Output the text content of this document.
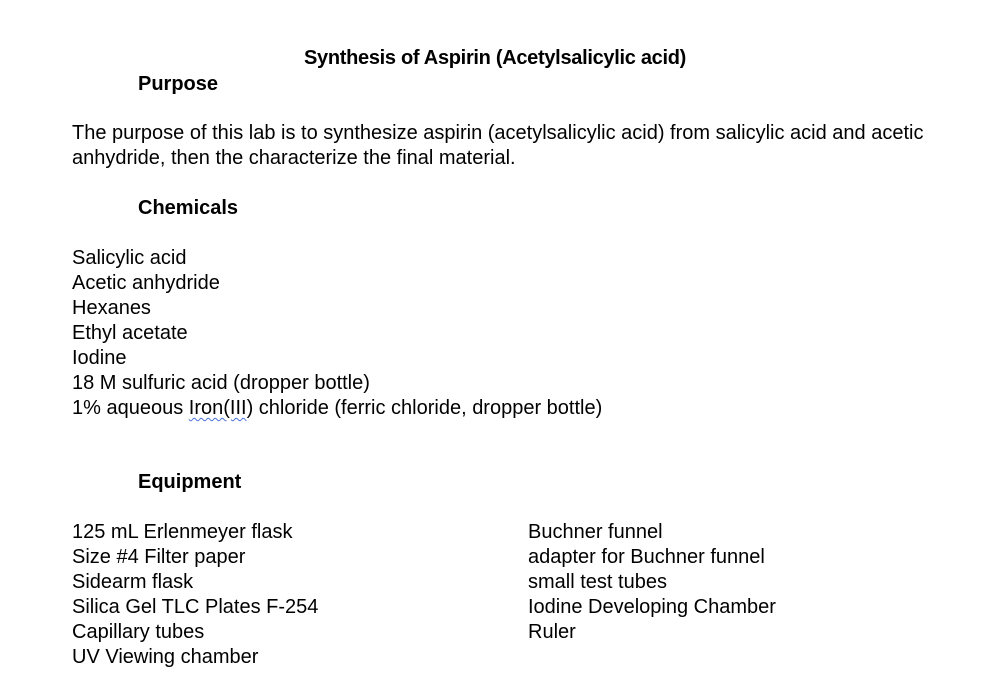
Synthesis of Aspirin (Acetylsalicylic acid)
Purpose
The purpose of this lab is to synthesize aspirin (acetylsalicylic acid) from salicylic acid and acetic anhydride, then the characterize the final material.
Chemicals
Salicylic acid
Acetic anhydride
Hexanes
Ethyl acetate
Iodine
18 M sulfuric acid (dropper bottle)
1% aqueous Iron(III) chloride (ferric chloride, dropper bottle)
Equipment
125 mL Erlenmeyer flask
Size #4 Filter paper
Sidearm flask
Silica Gel TLC Plates F-254
Capillary tubes
UV Viewing chamber
Buchner funnel
adapter for Buchner funnel
small test tubes
Iodine Developing Chamber
Ruler
